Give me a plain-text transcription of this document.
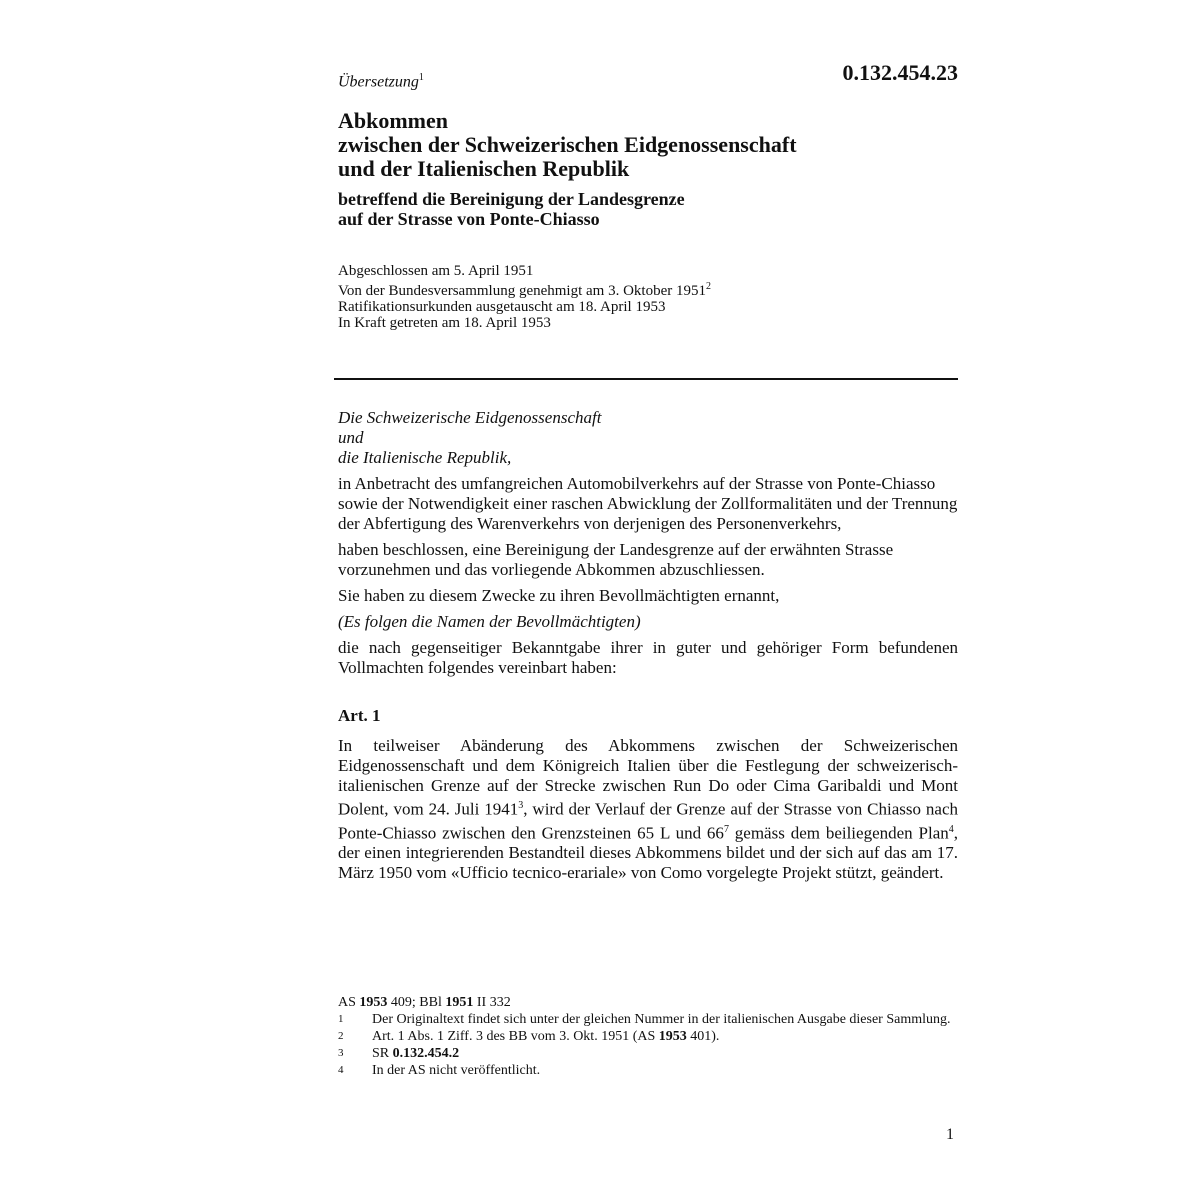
0.132.454.23
Übersetzung$^1$
Abkommen
zwischen der Schweizerischen Eidgenossenschaft
und der Italienischen Republik
betreffend die Bereinigung der Landesgrenze
auf der Strasse von Ponte-Chiasso
Abgeschlossen am 5. April 1951
Von der Bundesversammlung genehmigt am 3. Oktober 1951$^2$
Ratifikationsurkunden ausgetauscht am 18. April 1953
In Kraft getreten am 18. April 1953
Die Schweizerische Eidgenossenschaft
und
die Italienische Republik,

in Anbetracht des umfangreichen Automobilverkehrs auf der Strasse von Ponte-Chiasso sowie der Notwendigkeit einer raschen Abwicklung der Zollformalitäten und der Trennung der Abfertigung des Warenverkehrs von derjenigen des Personenverkehrs,

haben beschlossen, eine Bereinigung der Landesgrenze auf der erwähnten Strasse vorzunehmen und das vorliegende Abkommen abzuschliessen.

Sie haben zu diesem Zwecke zu ihren Bevollmächtigten ernannt,

(Es folgen die Namen der Bevollmächtigten)

die nach gegenseitiger Bekanntgabe ihrer in guter und gehöriger Form befundenen Vollmachten folgendes vereinbart haben:

Art. 1
In teilweiser Abänderung des Abkommens zwischen der Schweizerischen Eidgenossenschaft und dem Königreich Italien über die Festlegung der schweizerisch-italienischen Grenze auf der Strecke zwischen Run Do oder Cima Garibaldi und Mont Dolent, vom 24. Juli 1941$^3$, wird der Verlauf der Grenze auf der Strasse von Chiasso nach Ponte-Chiasso zwischen den Grenzsteinen 65 L und $66^7$ gemäss dem beiliegenden Plan$^4$, der einen integrierenden Bestandteil dieses Abkommens bildet und der sich auf das am 17. März 1950 vom «Ufficio tecnico-erariale» von Como vorgelegte Projekt stützt, geändert.
AS 1953 409; BBl 1951 II 332
1	Der Originaltext findet sich unter der gleichen Nummer in der italienischen Ausgabe dieser Sammlung.
2	Art. 1 Abs. 1 Ziff. 3 des BB vom 3. Okt. 1951 (AS 1953 401).
3	SR 0.132.454.2
4	In der AS nicht veröffentlicht.
1
